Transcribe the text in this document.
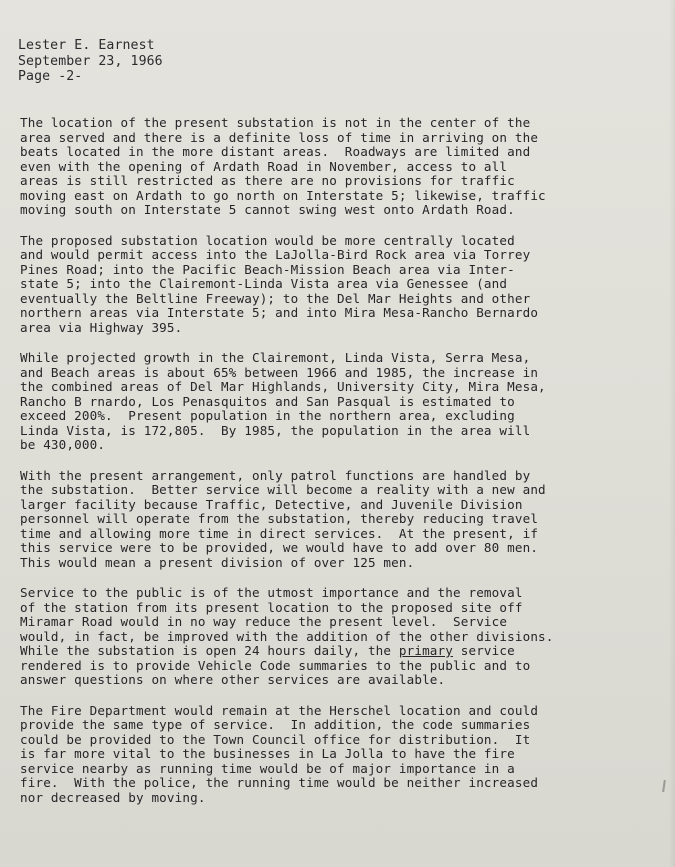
Lester E. Earnest
September 23, 1966
Page -2-
The location of the present substation is not in the center of the
area served and there is a definite loss of time in arriving on the
beats located in the more distant areas.  Roadways are limited and
even with the opening of Ardath Road in November, access to all
areas is still restricted as there are no provisions for traffic
moving east on Ardath to go north on Interstate 5; likewise, traffic
moving south on Interstate 5 cannot swing west onto Ardath Road.
The proposed substation location would be more centrally located
and would permit access into the LaJolla-Bird Rock area via Torrey
Pines Road; into the Pacific Beach-Mission Beach area via Inter-
state 5; into the Clairemont-Linda Vista area via Genessee (and
eventually the Beltline Freeway); to the Del Mar Heights and other
northern areas via Interstate 5; and into Mira Mesa-Rancho Bernardo
area via Highway 395.
While projected growth in the Clairemont, Linda Vista, Serra Mesa,
and Beach areas is about 65% between 1966 and 1985, the increase in
the combined areas of Del Mar Highlands, University City, Mira Mesa,
Rancho B rnardo, Los Penasquitos and San Pasqual is estimated to
exceed 200%.  Present population in the northern area, excluding
Linda Vista, is 172,805.  By 1985, the population in the area will
be 430,000.
With the present arrangement, only patrol functions are handled by
the substation.  Better service will become a reality with a new and
larger facility because Traffic, Detective, and Juvenile Division
personnel will operate from the substation, thereby reducing travel
time and allowing more time in direct services.  At the present, if
this service were to be provided, we would have to add over 80 men.
This would mean a present division of over 125 men.
Service to the public is of the utmost importance and the removal
of the station from its present location to the proposed site off
Miramar Road would in no way reduce the present level.  Service
would, in fact, be improved with the addition of the other divisions.
While the substation is open 24 hours daily, the primary service
rendered is to provide Vehicle Code summaries to the public and to
answer questions on where other services are available.
The Fire Department would remain at the Herschel location and could
provide the same type of service.  In addition, the code summaries
could be provided to the Town Council office for distribution.  It
is far more vital to the businesses in La Jolla to have the fire
service nearby as running time would be of major importance in a
fire.  With the police, the running time would be neither increased
nor decreased by moving.
